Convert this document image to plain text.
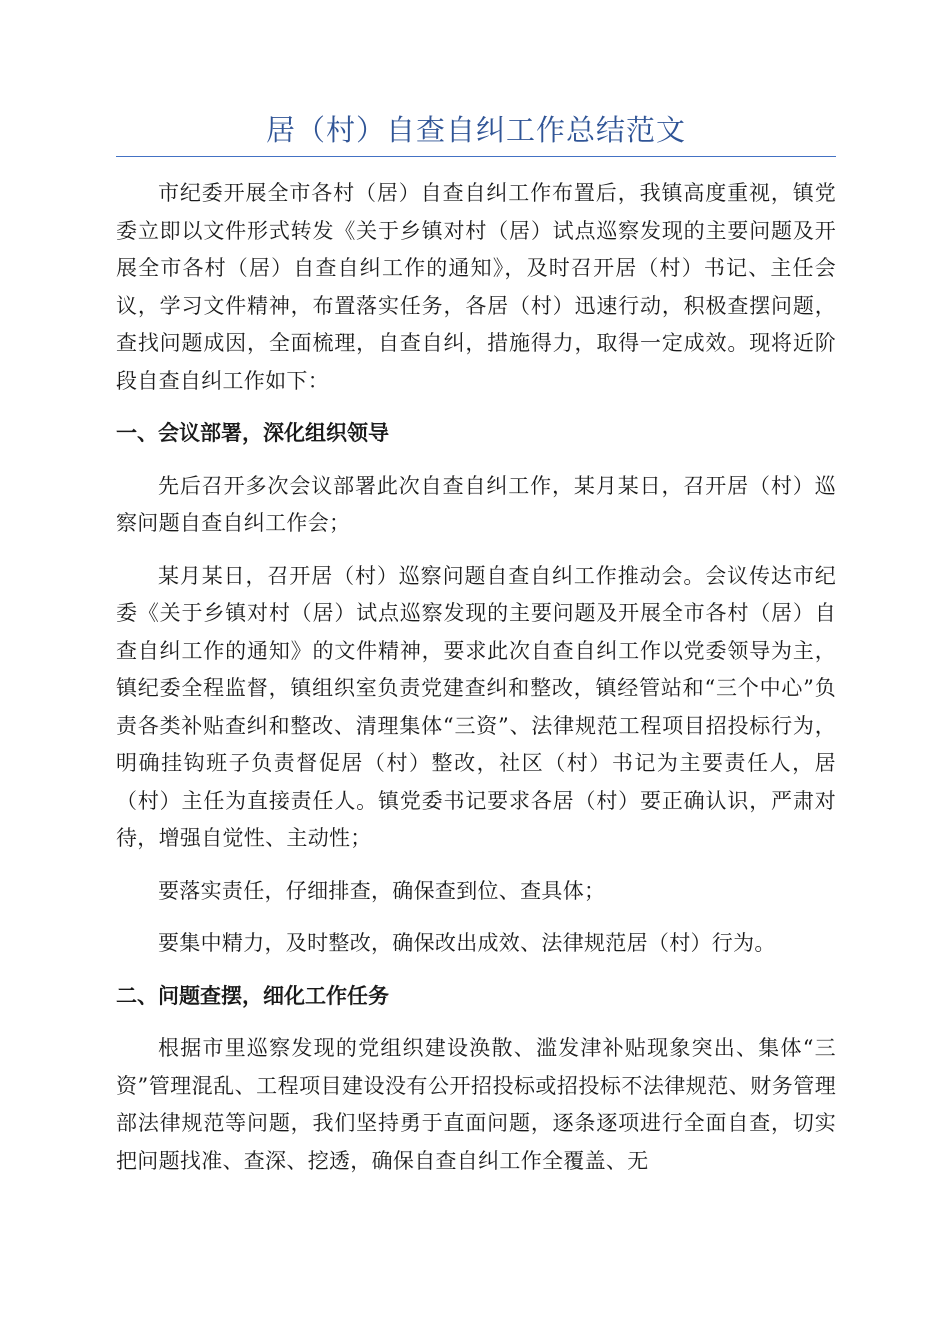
居（村）自查自纠工作总结范文

市纪委开展全市各村（居）自查自纠工作布置后，我镇高度重视，镇党委立即以文件形式转发《关于乡镇对村（居）试点巡察发现的主要问题及开展全市各村（居）自查自纠工作的通知》，及时召开居（村）书记、主任会议，学习文件精神，布置落实任务，各居（村）迅速行动，积极查摆问题，查找问题成因，全面梳理，自查自纠，措施得力，取得一定成效。现将近阶段自查自纠工作如下：

一、会议部署，深化组织领导

先后召开多次会议部署此次自查自纠工作，某月某日，召开居（村）巡察问题自查自纠工作会；

某月某日，召开居（村）巡察问题自查自纠工作推动会。会议传达市纪委《关于乡镇对村（居）试点巡察发现的主要问题及开展全市各村（居）自查自纠工作的通知》的文件精神，要求此次自查自纠工作以党委领导为主，镇纪委全程监督，镇组织室负责党建查纠和整改，镇经管站和“三个中心”负责各类补贴查纠和整改、清理集体“三资”、法律规范工程项目招投标行为，明确挂钩班子负责督促居（村）整改，社区（村）书记为主要责任人，居（村）主任为直接责任人。镇党委书记要求各居（村）要正确认识，严肃对待，增强自觉性、主动性；

要落实责任，仔细排查，确保查到位、查具体；

要集中精力，及时整改，确保改出成效、法律规范居（村）行为。

二、问题查摆，细化工作任务

根据市里巡察发现的党组织建设涣散、滥发津补贴现象突出、集体“三资”管理混乱、工程项目建设没有公开招投标或招投标不法律规范、财务管理部法律规范等问题，我们坚持勇于直面问题，逐条逐项进行全面自查，切实把问题找准、查深、挖透，确保自查自纠工作全覆盖、无
